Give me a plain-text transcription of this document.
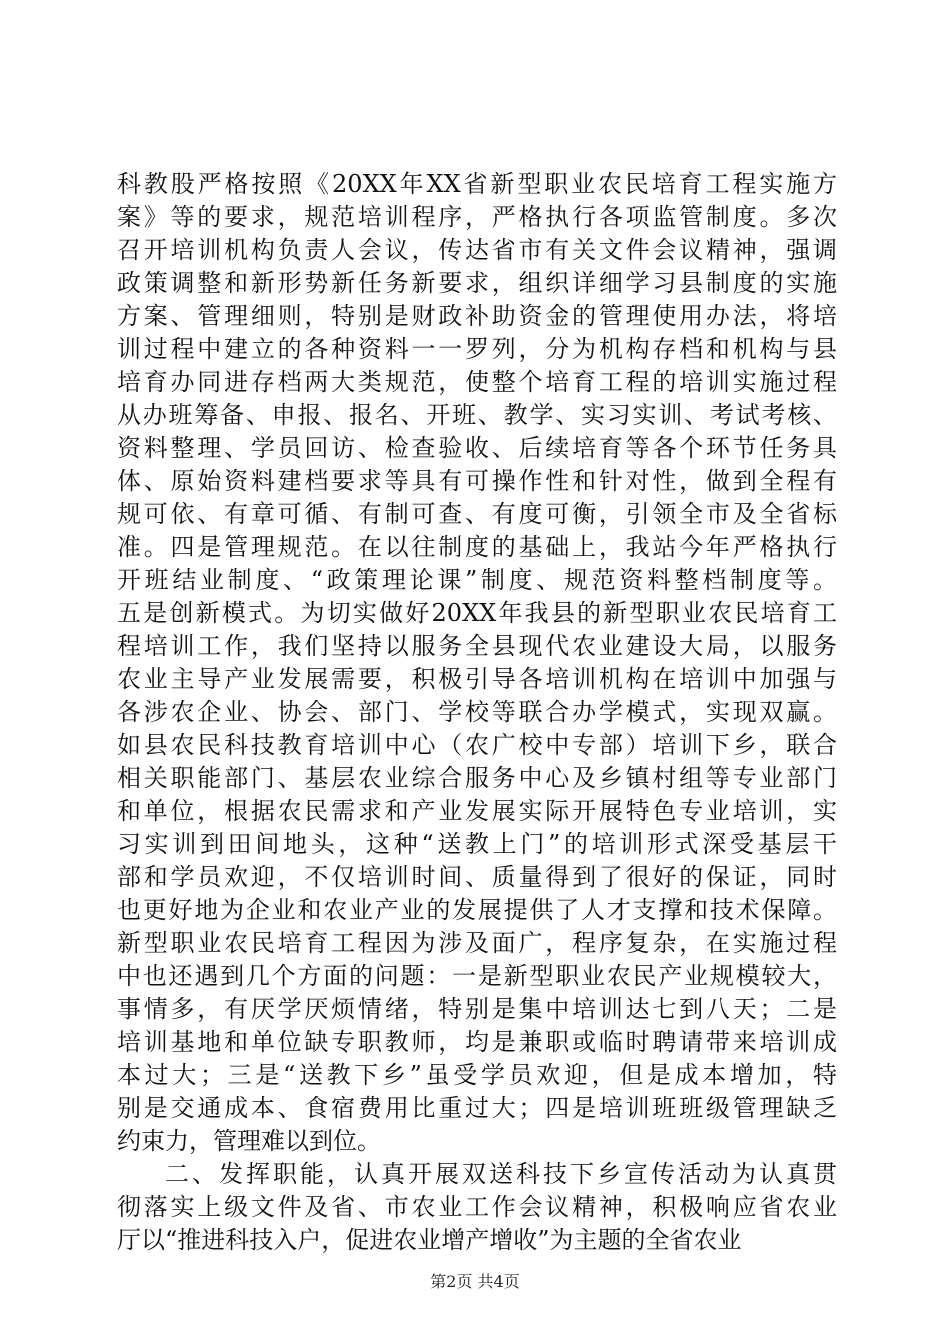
科教股严格按照《20XX年XX省新型职业农民培育工程实施方
案》等的要求，规范培训程序，严格执行各项监管制度。多次
召开培训机构负责人会议，传达省市有关文件会议精神，强调
政策调整和新形势新任务新要求，组织详细学习县制度的实施
方案、管理细则，特别是财政补助资金的管理使用办法，将培
训过程中建立的各种资料一一罗列，分为机构存档和机构与县
培育办同进存档两大类规范，使整个培育工程的培训实施过程
从办班筹备、申报、报名、开班、教学、实习实训、考试考核、
资料整理、学员回访、检查验收、后续培育等各个环节任务具
体、原始资料建档要求等具有可操作性和针对性，做到全程有
规可依、有章可循、有制可查、有度可衡，引领全市及全省标
准。四是管理规范。在以往制度的基础上，我站今年严格执行
开班结业制度、“政策理论课”制度、规范资料整档制度等。
五是创新模式。为切实做好20XX年我县的新型职业农民培育工
程培训工作，我们坚持以服务全县现代农业建设大局，以服务
农业主导产业发展需要，积极引导各培训机构在培训中加强与
各涉农企业、协会、部门、学校等联合办学模式，实现双赢。
如县农民科技教育培训中心（农广校中专部）培训下乡，联合
相关职能部门、基层农业综合服务中心及乡镇村组等专业部门
和单位，根据农民需求和产业发展实际开展特色专业培训，实
习实训到田间地头，这种“送教上门”的培训形式深受基层干
部和学员欢迎，不仅培训时间、质量得到了很好的保证，同时
也更好地为企业和农业产业的发展提供了人才支撑和技术保障。
新型职业农民培育工程因为涉及面广，程序复杂，在实施过程
中也还遇到几个方面的问题：一是新型职业农民产业规模较大，
事情多，有厌学厌烦情绪，特别是集中培训达七到八天；二是
培训基地和单位缺专职教师，均是兼职或临时聘请带来培训成
本过大；三是“送教下乡”虽受学员欢迎，但是成本增加，特
别是交通成本、食宿费用比重过大；四是培训班班级管理缺乏
约束力，管理难以到位。
二、发挥职能，认真开展双送科技下乡宣传活动为认真贯
彻落实上级文件及省、市农业工作会议精神，积极响应省农业
厅以“推进科技入户，促进农业增产增收”为主题的全省农业
第2页 共4页
